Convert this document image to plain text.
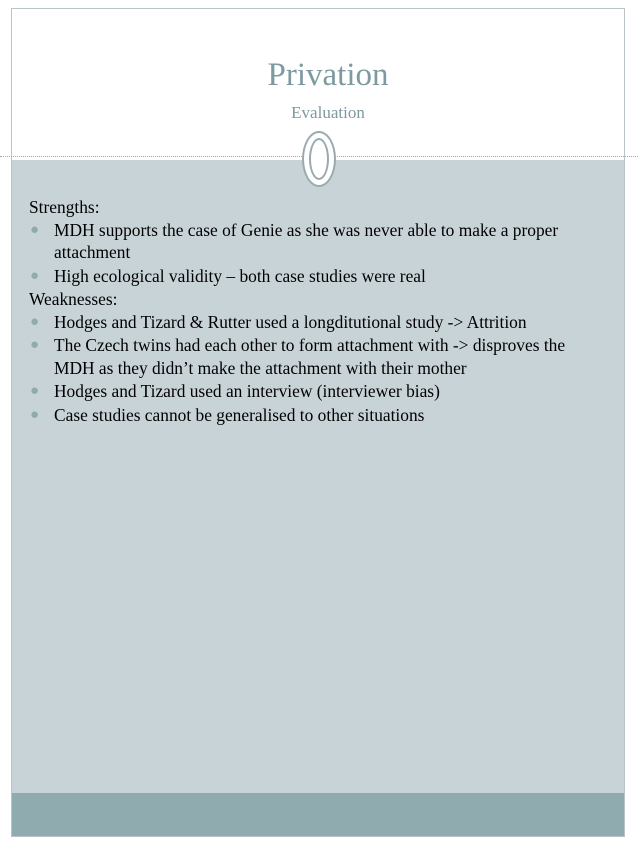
Privation
Evaluation

Strengths:

● MDH supports the case of Genie as she was never able to make a proper attachment
● High ecological validity – both case studies were real

Weaknesses:

● Hodges and Tizard & Rutter used a longditutional study -> Attrition
● The Czech twins had each other to form attachment with -> disproves the MDH as they didn’t make the attachment with their mother
● Hodges and Tizard used an interview (interviewer bias)
● Case studies cannot be generalised to other situations
